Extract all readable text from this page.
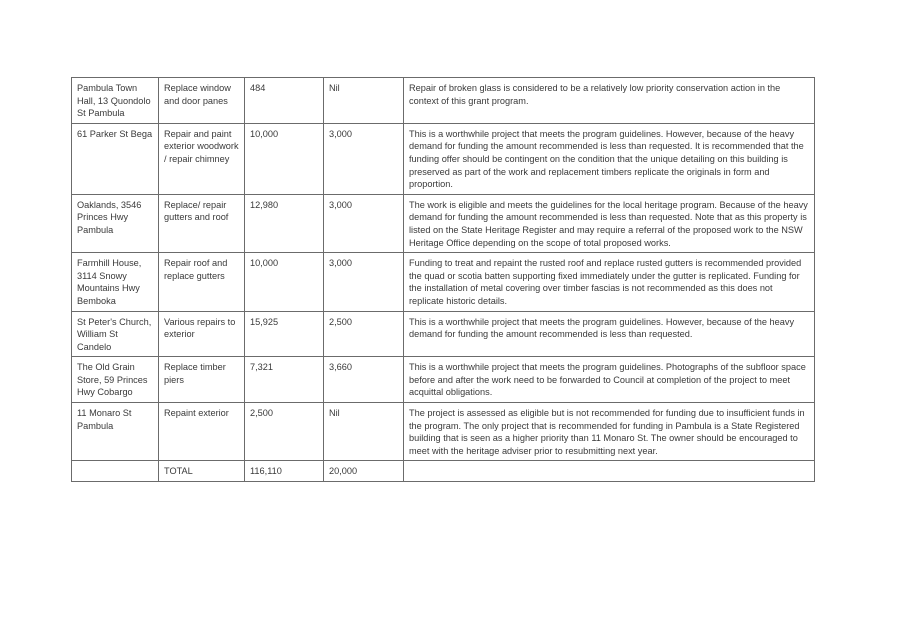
Pambula Town Hall, 13 Quondolo St Pambula	Replace window and door panes	484	Nil	Repair of broken glass is considered to be a relatively low priority conservation action in the context of this grant program.
61 Parker St Bega	Repair and paint exterior woodwork / repair chimney	10,000	3,000	This is a worthwhile project that meets the program guidelines. However, because of the heavy demand for funding the amount recommended is less than requested. It is recommended that the funding offer should be contingent on the condition that the unique detailing on this building is preserved as part of the work and replacement timbers replicate the originals in form and proportion.
Oaklands, 3546 Princes Hwy Pambula	Replace/ repair gutters and roof	12,980	3,000	The work is eligible and meets the guidelines for the local heritage program. Because of the heavy demand for funding the amount recommended is less than requested. Note that as this property is listed on the State Heritage Register and may require a referral of the proposed work to the NSW Heritage Office depending on the scope of total proposed works.
Farmhill House, 3114 Snowy Mountains Hwy Bemboka	Repair roof and replace gutters	10,000	3,000	Funding to treat and repaint the rusted roof and replace rusted gutters is recommended provided the quad or scotia batten supporting fixed immediately under the gutter is replicated. Funding for the installation of metal covering over timber fascias is not recommended as this does not replicate historic details.
St Peter's Church, William St Candelo	Various repairs to exterior	15,925	2,500	This is a worthwhile project that meets the program guidelines. However, because of the heavy demand for funding the amount recommended is less than requested.
The Old Grain Store, 59 Princes Hwy Cobargo	Replace timber piers	7,321	3,660	This is a worthwhile project that meets the program guidelines. Photographs of the subfloor space before and after the work need to be forwarded to Council at completion of the project to meet acquittal obligations.
11 Monaro St Pambula	Repaint exterior	2,500	Nil	The project is assessed as eligible but is not recommended for funding due to insufficient funds in the program. The only project that is recommended for funding in Pambula is a State Registered building that is seen as a higher priority than 11 Monaro St. The owner should be encouraged to meet with the heritage adviser prior to resubmitting next year.
	TOTAL	116,110	20,000	
